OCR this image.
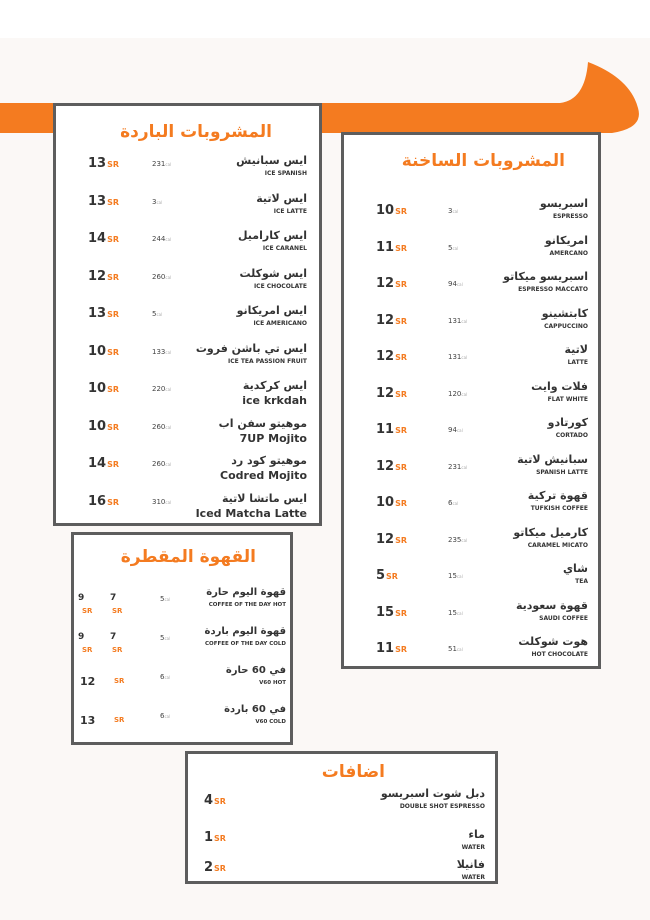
المشروبات الباردة
ايس سبانيش
ICE SPANISH
231cal
13SR
ايس لاتية
ICE LATTE
3cal
13SR
ايس كاراميل
ICE CARANEL
244cal
14SR
ايس شوكلت
ICE CHOCOLATE
260cal
12SR
ايس امريكانو
ICE AMERICANO
5cal
13SR
ايس تي باشن فروت
ICE TEA PASSION FRUIT
133cal
10SR
ايس كركدية
ice krkdah
220cal
10SR
موهيتو سفن اب
7UP Mojito
260cal
10SR
موهيتو كود رد
Codred Mojito
260cal
14SR
ايس ماتشا لاتية
Iced Matcha Latte
310cal
16SR
المشروبات الساخنة
اسبريسو
ESPRESSO
3cal
10SR
امريكانو
AMERCANO
5cal
11SR
اسبريسو ميكاتو
ESPRESSO MACCATO
94cal
12SR
كابتشينو
CAPPUCCINO
131cal
12SR
لاتية
LATTE
131cal
12SR
فلات وايت
FLAT WHITE
120cal
12SR
كورتادو
CORTADO
94cal
11SR
سبانيش لاتية
SPANISH LATTE
231cal
12SR
قهوة تركية
TUFKISH COFFEE
6cal
10SR
كارميل ميكاتو
CARAMEL MICATO
235cal
12SR
شاي
TEA
15cal
5SR
قهوة سعودية
SAUDI COFFEE
15cal
15SR
هوت شوكلت
HOT CHOCOLATE
51cal
11SR
القهوة المقطرة
قهوة اليوم حارة
COFFEE OF THE DAY HOT
5cal
9
SR
7
SR
قهوة اليوم باردة
COFFEE OF THE DAY COLD
5cal
9
SR
7
SR
في 60 حارة
V60 HOT
6cal
12	SR
في 60 باردة
V60 COLD
6cal
13	SR
اضافات
دبل شوت اسبريسو
DOUBLE SHOT ESPRESSO
4SR
ماء
WATER
1SR
فانيلا
WATER
2SR
